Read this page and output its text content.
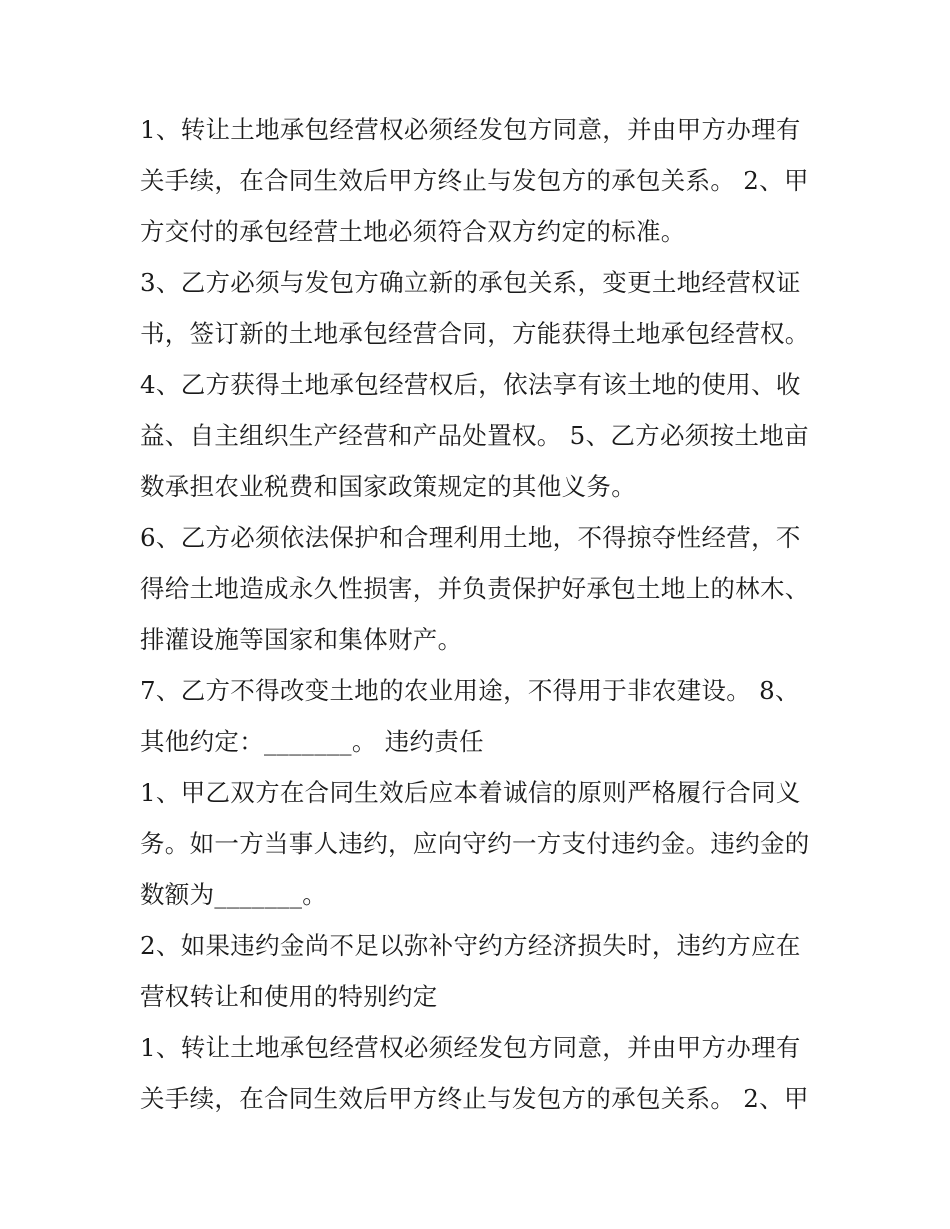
1、转让土地承包经营权必须经发包方同意，并由甲方办理有
关手续，在合同生效后甲方终止与发包方的承包关系。 2、甲
方交付的承包经营土地必须符合双方约定的标准。
3、乙方必须与发包方确立新的承包关系，变更土地经营权证
书，签订新的土地承包经营合同，方能获得土地承包经营权。
4、乙方获得土地承包经营权后，依法享有该土地的使用、收
益、自主组织生产经营和产品处置权。 5、乙方必须按土地亩
数承担农业税费和国家政策规定的其他义务。
6、乙方必须依法保护和合理利用土地，不得掠夺性经营，不
得给土地造成永久性损害，并负责保护好承包土地上的林木、
排灌设施等国家和集体财产。
7、乙方不得改变土地的农业用途，不得用于非农建设。 8、
其他约定：_______。 违约责任
1、甲乙双方在合同生效后应本着诚信的原则严格履行合同义
务。如一方当事人违约，应向守约一方支付违约金。违约金的
数额为_______。
2、如果违约金尚不足以弥补守约方经济损失时，违约方应在
营权转让和使用的特别约定
1、转让土地承包经营权必须经发包方同意，并由甲方办理有
关手续，在合同生效后甲方终止与发包方的承包关系。 2、甲
